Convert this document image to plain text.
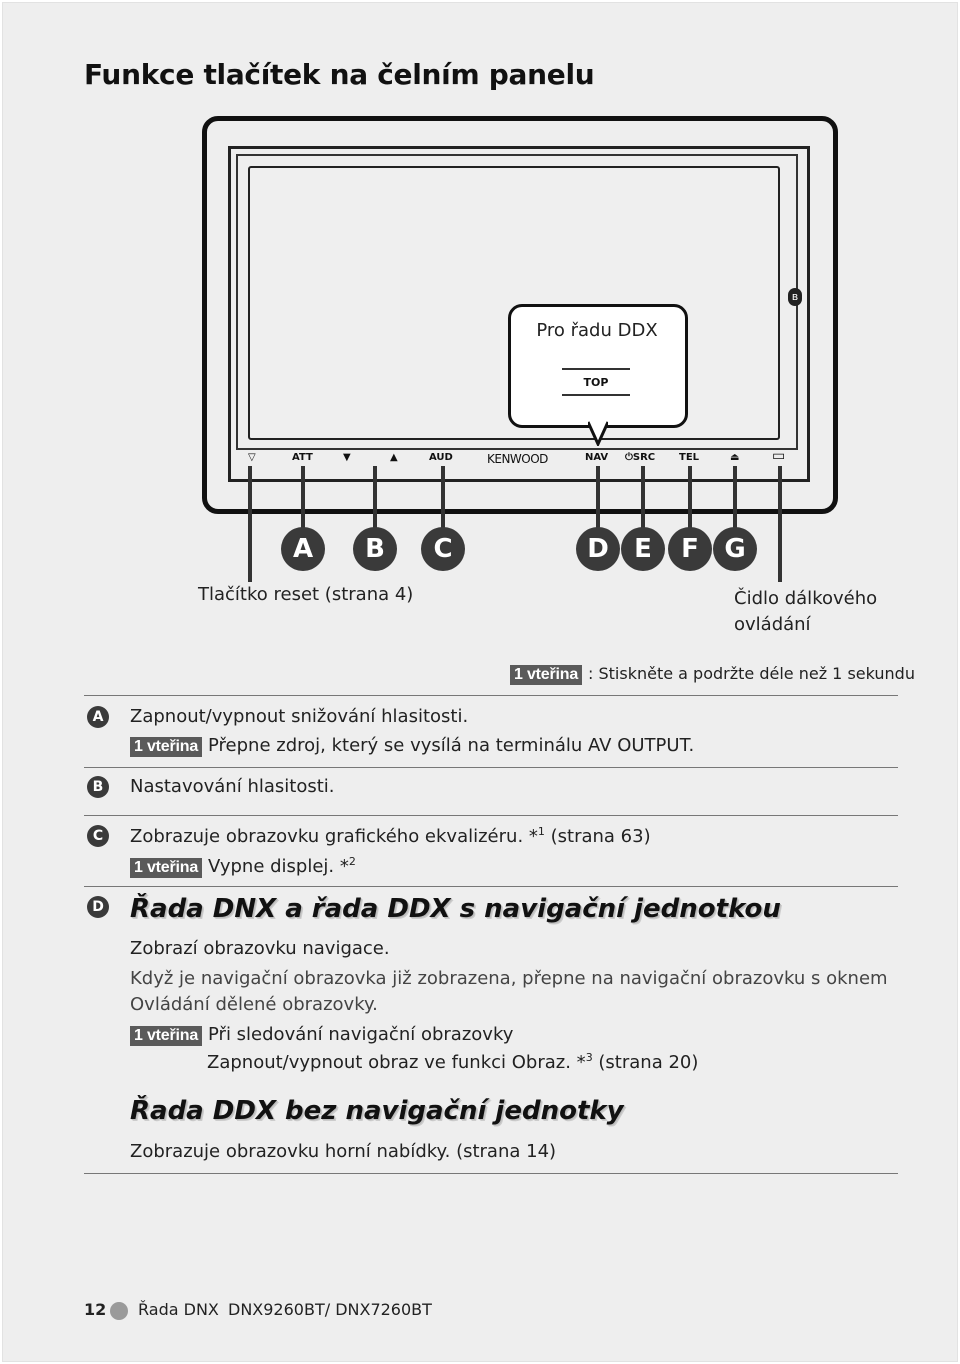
Funkce tlačítek na čelním panelu
ʙ
Pro řadu DDX
TOP
▽	ATT	▼	▲	AUD	KENWOOD	NAV ⏻SRC TEL	⏏ ▭
A	B	C	D E	F G
Tlačítko reset (strana 4)	Čidlo dálkového
ovládání
1 vteřina : Stiskněte a podržte déle než 1 sekundu
A	Zapnout/vypnout snižování hlasitosti.
1 vteřina Přepne zdroj, který se vysílá na terminálu AV OUTPUT.
B	Nastavování hlasitosti.
C	Zobrazuje obrazovku grafického ekvalizéru. *$^1$ (strana 63)
1 vteřina Vypne displej. *$^2$
D Řada DNX a řada DDX s navigační jednotkou
Zobrazí obrazovku navigace.
Když je navigační obrazovka již zobrazena, přepne na navigační obrazovku s oknem
Ovládání dělené obrazovky.
1 vteřina Při sledování navigační obrazovky
Zapnout/vypnout obraz ve funkci Obraz. *$^3$ (strana 20)
Řada DDX bez navigační jednotky
Zobrazuje obrazovku horní nabídky. (strana 14)
12 Řada DNX DNX9260BT/ DNX7260BT
